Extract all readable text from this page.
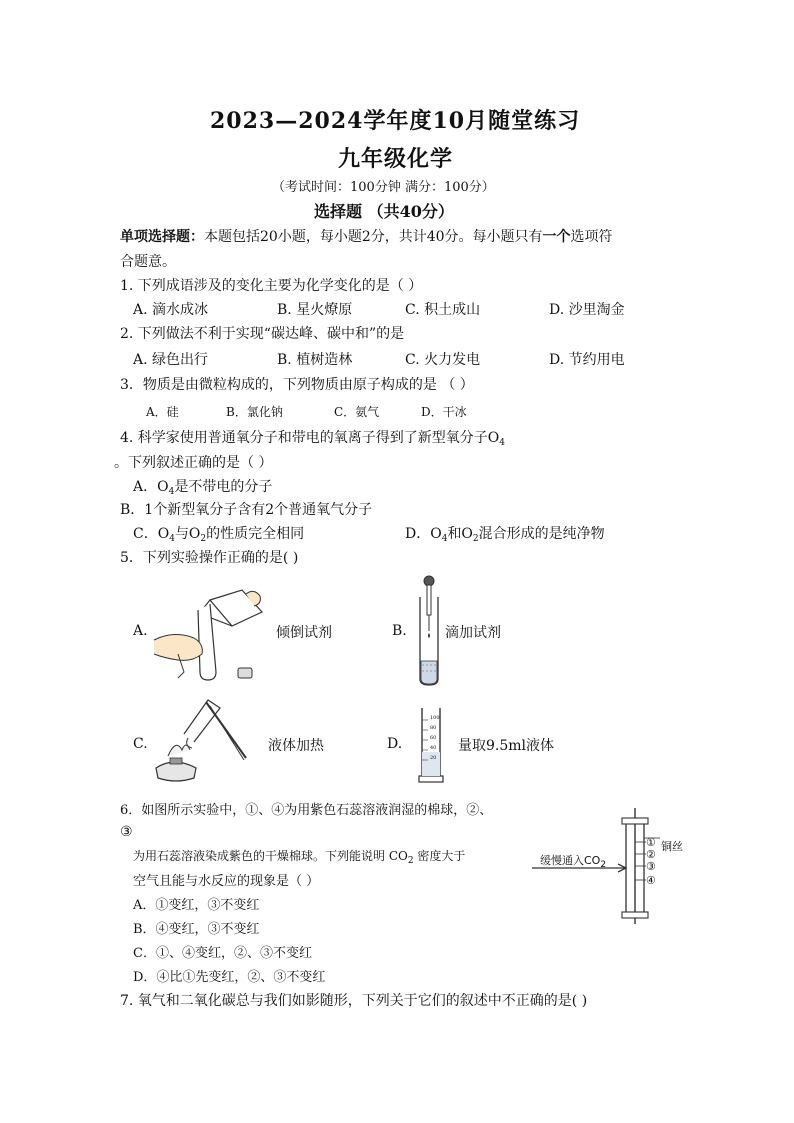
2023—2024学年度10月随堂练习
九年级化学
（考试时间：100分钟 满分：100分）
选择题 （共40分）
单项选择题：本题包括20小题，每小题2分，共计40分。每小题只有一个选项符
合题意。
1. 下列成语涉及的变化主要为化学变化的是（ ）
A. 滴水成冰	B. 星火燎原	C. 积土成山	D. 沙里淘金
2. 下列做法不利于实现“碳达峰、碳中和”的是
A. 绿色出行	B. 植树造林	C. 火力发电	D. 节约用电
3．物质是由微粒构成的，下列物质由原子构成的是 （ ）
A．硅	B．氯化钠	C．氨气	D．干冰
4. 科学家使用普通氧分子和带电的氧离子得到了新型氧分子$O_4$
。下列叙述正确的是（ ）
A．$O_4$是不带电的分子
B．1个新型氧分子含有2个普通氧气分子
C．$O_4$与$O_2$的性质完全相同	D．$O_4$和$O_2$混合形成的是纯净物
5．下列实验操作正确的是( )
A.	倾倒试剂	B.	滴加试剂
C.	液体加热	D.
100
80
60
40
20
量取9.5ml液体
6．如图所示实验中，①、④为用紫色石蕊溶液润湿的棉球，②、
③
为用石蕊溶液染成紫色的干燥棉球。下列能说明 $CO_2$ 密度大于
空气且能与水反应的现象是（ ）
A．①变红，③不变红
B．④变红，③不变红
C．①、④变红，②、③不变红
D．④比①先变红，②、③不变红
缓慢通入$CO_2$
铜丝
①
②
③
④
7. 氧气和二氧化碳总与我们如影随形，下列关于它们的叙述中不正确的是( )
